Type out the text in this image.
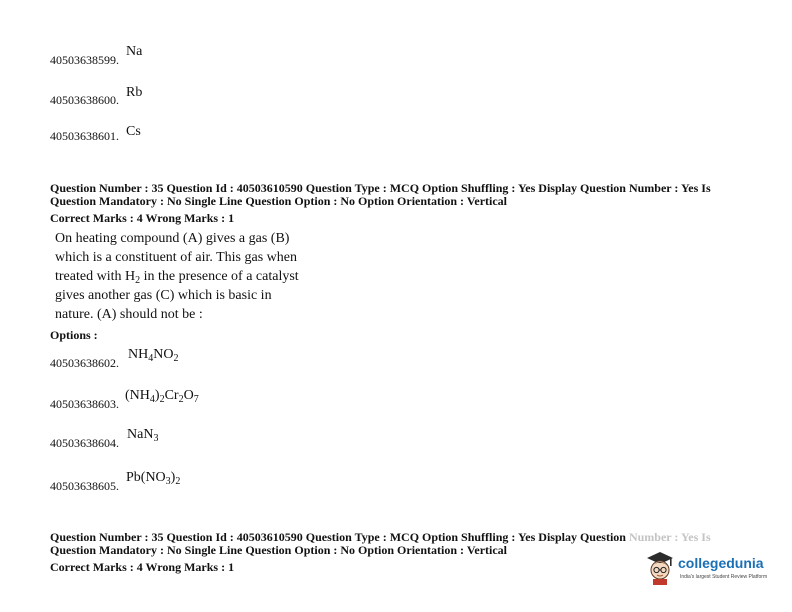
40503638599.
Na
40503638600. Rb
40503638601. Cs
Question Number : 35 Question Id : 40503610590 Question Type : MCQ Option Shuffling : Yes Display Question Number : Yes Is
Question Mandatory : No Single Line Question Option : No Option Orientation : Vertical
Correct Marks : 4 Wrong Marks : 1
On heating compound (A) gives a gas (B)
which is a constituent of air. This gas when
treated with $H_2$ in the presence of a catalyst
gives another gas (C) which is basic in
nature. (A) should not be :
Options :
40503638602.
$NH_4NO_2$
40503638603.
$(NH_4)_2Cr_2O_7$
40503638604.
NaN$_3$
40503638605.
$Pb(NO_3)_2$
Question Number : 35 Question Id : 40503610590 Question Type : MCQ Option Shuffling : Yes Display Question Number : Yes Is
Question Mandatory : No Single Line Question Option : No Option Orientation : Vertical
Correct Marks : 4 Wrong Marks : 1	collegedunia
India's largest Student Review Platform
